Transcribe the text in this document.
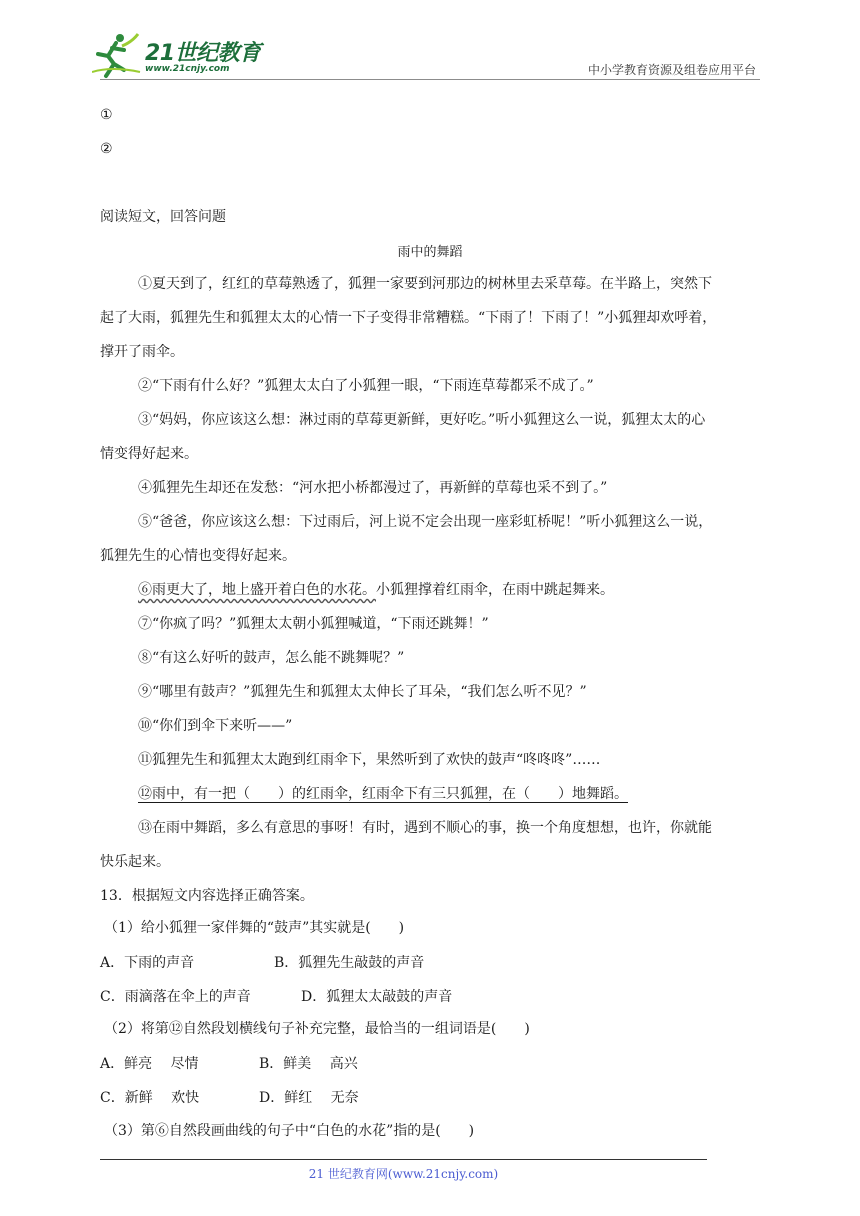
21世纪教育
www.21cnjy.com	中小学教育资源及组卷应用平台
①
②
阅读短文，回答问题
雨中的舞蹈
①夏天到了，红红的草莓熟透了，狐狸一家要到河那边的树林里去采草莓。在半路上，突然下
起了大雨，狐狸先生和狐狸太太的心情一下子变得非常糟糕。“下雨了！下雨了！”小狐狸却欢呼着，
撑开了雨伞。
②“下雨有什么好？”狐狸太太白了小狐狸一眼，“下雨连草莓都采不成了。”
③“妈妈，你应该这么想：淋过雨的草莓更新鲜，更好吃。”听小狐狸这么一说，狐狸太太的心
情变得好起来。
④狐狸先生却还在发愁：“河水把小桥都漫过了，再新鲜的草莓也采不到了。”
⑤“爸爸，你应该这么想：下过雨后，河上说不定会出现一座彩虹桥呢！”听小狐狸这么一说，
狐狸先生的心情也变得好起来。
⑥雨更大了，地上盛开着白色的水花。小狐狸撑着红雨伞，在雨中跳起舞来。
⑦“你疯了吗？”狐狸太太朝小狐狸喊道，“下雨还跳舞！”
⑧“有这么好听的鼓声，怎么能不跳舞呢？”
⑨“哪里有鼓声？”狐狸先生和狐狸太太伸长了耳朵，“我们怎么听不见？”
⑩“你们到伞下来听——”
⑪狐狸先生和狐狸太太跑到红雨伞下，果然听到了欢快的鼓声“咚咚咚”……
⑫雨中，有一把（　　）的红雨伞，红雨伞下有三只狐狸，在（　　）地舞蹈。
⑬在雨中舞蹈，多么有意思的事呀！有时，遇到不顺心的事，换一个角度想想，也许，你就能
快乐起来。
13．根据短文内容选择正确答案。
（1）给小狐狸一家伴舞的“鼓声”其实就是(　　)
A．下雨的声音	B．狐狸先生敲鼓的声音
C．雨滴落在伞上的声音	D．狐狸太太敲鼓的声音
（2）将第⑫自然段划横线句子补充完整，最恰当的一组词语是(　　)
A．鲜亮　 尽情	B．鲜美　 高兴
C．新鲜　 欢快	D．鲜红　 无奈
（3）第⑥自然段画曲线的句子中“白色的水花”指的是(　　)
21 世纪教育网(www.21cnjy.com)
